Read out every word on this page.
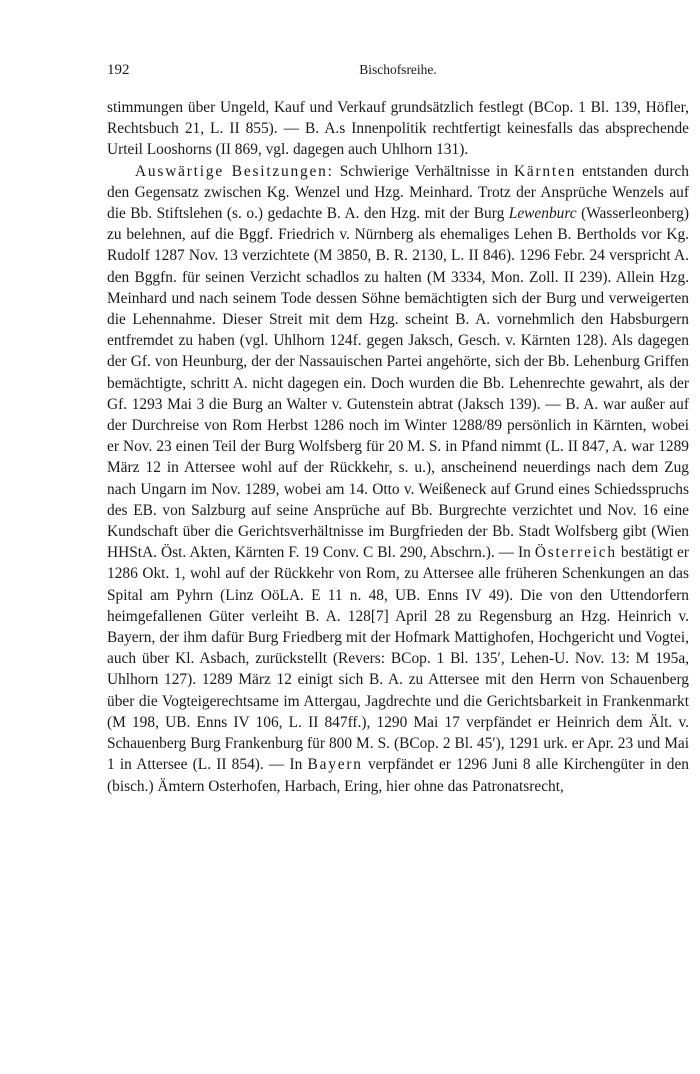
192	Bischofsreihe.

stimmungen über Ungeld, Kauf und Verkauf grundsätzlich festlegt (BCop. 1 Bl. 139, Höfler, Rechtsbuch 21, L. II 855). — B. A.s Innenpolitik rechtfertigt keinesfalls das absprechende Urteil Looshorns (II 869, vgl. dagegen auch Uhlhorn 131).

Auswärtige Besitzungen: Schwierige Verhältnisse in Kärnten entstanden durch den Gegensatz zwischen Kg. Wenzel und Hzg. Meinhard. Trotz der Ansprüche Wenzels auf die Bb. Stiftslehen (s. o.) gedachte B. A. den Hzg. mit der Burg Lewenburc (Wasserleonberg) zu belehnen, auf die Bggf. Friedrich v. Nürnberg als ehemaliges Lehen B. Bertholds vor Kg. Rudolf 1287 Nov. 13 verzichtete (M 3850, B. R. 2130, L. II 846). 1296 Febr. 24 verspricht A. den Bggfn. für seinen Verzicht schadlos zu halten (M 3334, Mon. Zoll. II 239). Allein Hzg. Meinhard und nach seinem Tode dessen Söhne bemächtigten sich der Burg und verweigerten die Lehennahme. Dieser Streit mit dem Hzg. scheint B. A. vornehmlich den Habsburgern entfremdet zu haben (vgl. Uhlhorn 124f. gegen Jaksch, Gesch. v. Kärnten 128). Als dagegen der Gf. von Heunburg, der der Nassauischen Partei angehörte, sich der Bb. Lehenburg Griffen bemächtigte, schritt A. nicht dagegen ein. Doch wurden die Bb. Lehenrechte gewahrt, als der Gf. 1293 Mai 3 die Burg an Walter v. Gutenstein abtrat (Jaksch 139). — B. A. war außer auf der Durchreise von Rom Herbst 1286 noch im Winter 1288/89 persönlich in Kärnten, wobei er Nov. 23 einen Teil der Burg Wolfsberg für 20 M. S. in Pfand nimmt (L. II 847, A. war 1289 März 12 in Attersee wohl auf der Rückkehr, s. u.), anscheinend neuerdings nach dem Zug nach Ungarn im Nov. 1289, wobei am 14. Otto v. Weißeneck auf Grund eines Schiedsspruchs des EB. von Salzburg auf seine Ansprüche auf Bb. Burgrechte verzichtet und Nov. 16 eine Kundschaft über die Gerichtsverhältnisse im Burgfrieden der Bb. Stadt Wolfsberg gibt (Wien HHStA. Öst. Akten, Kärnten F. 19 Conv. C Bl. 290, Abschrn.). — In Österreich bestätigt er 1286 Okt. 1, wohl auf der Rückkehr von Rom, zu Attersee alle früheren Schenkungen an das Spital am Pyhrn (Linz OöLA. E 11 n. 48, UB. Enns IV 49). Die von den Uttendorfern heimgefallenen Güter verleiht B. A. 128[7] April 28 zu Regensburg an Hzg. Heinrich v. Bayern, der ihm dafür Burg Friedberg mit der Hofmark Mattighofen, Hochgericht und Vogtei, auch über Kl. Asbach, zurückstellt (Revers: BCop. 1 Bl. 135′, Lehen-U. Nov. 13: M 195a, Uhlhorn 127). 1289 März 12 einigt sich B. A. zu Attersee mit den Herrn von Schauenberg über die Vogteigerechtsame im Attergau, Jagdrechte und die Gerichtsbarkeit in Frankenmarkt (M 198, UB. Enns IV 106, L. II 847ff.), 1290 Mai 17 verpfändet er Heinrich dem Ält. v. Schauenberg Burg Frankenburg für 800 M. S. (BCop. 2 Bl. 45′), 1291 urk. er Apr. 23 und Mai 1 in Attersee (L. II 854). — In Bayern verpfändet er 1296 Juni 8 alle Kirchengüter in den (bisch.) Ämtern Osterhofen, Harbach, Ering, hier ohne das Patronatsrecht,
